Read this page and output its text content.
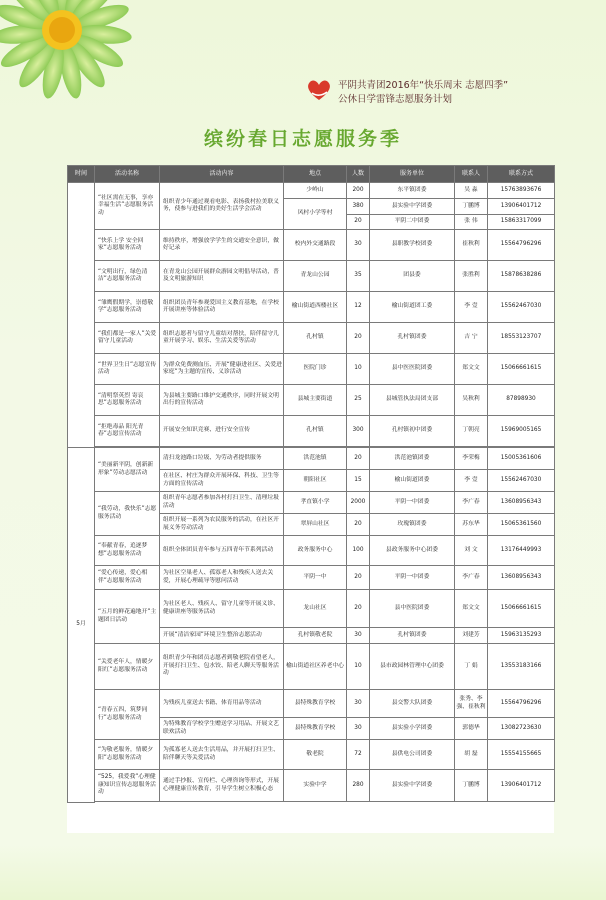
平阴共青团2016年“快乐周末 志愿四季”
公休日学雷锋志愿服务计划
缤纷春日志愿服务季
时间	活动名称	活动内容	地点	人数	服务单位	联系人	联系方式
	“社区需在无事，享亦幸福生活”志愿服务活动	组织青少年通过观看电影、表扬我村拉美联义务，使参与进我们的美好生活学会活动	少岭山	200	东平镇团委	吴 淼	15763893676
			风村小学等村	380	县实验中学团委	丁鹏博	13906401712
				20	平阴二中团委	张 伟	15863317099
	“快乐上学 安全回家”志愿服务活动	维持秩序，增强放学学生的交通安全意识，做好记录	校内外交通路段	30	县职教学校团委	崔秋利	15564796296
	“文明出行，绿色清洁”志愿服务活动	在青龙山公园开展群众游园文明倡导活动，普及文明旅游知识	青龙山公园	35	团县委	张胜利	15878638286
	“雏鹰假期学，崇德敬学”志愿服务活动	组织团员青年参观爱国主义教育基地，在学校开展讲座等体验活动	榆山街道西楼社区	12	榆山街道团工委	李 壹	15562467030
	“我们都是一家人”关爱留守儿童活动	组织志愿者与留守儿童结对帮扶，陪伴留守儿童开展学习、娱乐、生活关爱等活动	孔村镇	20	孔村镇团委	吉 宁	18553123707
	“世界卫生日”志愿宣传活动	为群众免费测血压、开展“健康进社区、关爱进家庭”为主题的宣传、义诊活动	医院门诊	10	县中医医院团委	郑文文	15066661615
	“清明祭英烈 寄哀思”志愿服务活动	为县城主要路口维护交通秩序，同时开展文明出行的宣传活动	县城主要街道	25	县城管执法局团支部	吴秋利	87898930
	“拒绝毒品 阳光青春”志愿宣传活动	开展安全知识竞赛、进行安全宣传	孔村镇	300	孔村镇初中团委	丁朝亮	15969005165

5月	“美丽新平阴，创新新形象”劳动志愿活动	清扫龙池路口垃圾、为劳动者提供服务	洪范池镇	20	洪范池镇团委	李荣梅	15005361606
		在社区、村庄为群众开展环保、科技、卫生等方面的宣传活动	朝阳社区	15	榆山街道团委	李 壹	15562467030
	“我劳动，我快乐”志愿服务活动	组织青年志愿者参加各村打扫卫生、清理垃圾活动	孝直镇小学	2000	平阴一中团委	李广春	13608956343
		组织开展一系列为农民服务的活动，在社区开展义务劳动活动	翠屏山社区	20	玫瑰镇团委	苏东华	15065361560
	“奉献青春，追逐梦想”志愿服务活动	组织全体团员青年参与五四青年节系列活动	政务服务中心	100	县政务服务中心团委	刘 文	13176449993
	“爱心传递，爱心相伴”志愿服务活动	为社区空巢老人、孤寡老人和残疾人送去关爱，开展心理疏导等慰问活动	平阴一中	20	平阴一中团委	李广春	13608956343
	“五月的鲜花遍地开”主题团日活动	为社区老人、残疾人、留守儿童等开展义诊、健康讲座等服务活动	龙山社区	20	县中医院团委	郑文文	15066661615
		开展“清洁家园”环境卫生整治志愿活动	孔村镇敬老院	30	孔村镇团委	刘建芳	15963135293
	“关爱老年人，情暖夕阳红”志愿服务活动	组织青少年和团员志愿者到敬老院看望老人，开展打扫卫生、包水饺、陪老人聊天等服务活动	榆山街道社区养老中心	10	县市政园林管理中心团委	丁 娟	13553183166
	“青春五四，筑梦同行”志愿服务活动	为残疾儿童送去书籍、体育用品等活动	县特殊教育学校	30	县交警大队团委	张秀、李强、崔秋利	15564796296
		为特殊教育学校学生赠送学习用品、开展文艺联欢活动	县特殊教育学校	30	县实验小学团委	郭德华	13082723630
	“为敬老服务，情暖夕阳”志愿服务活动	为孤寡老人送去生活用品，并开展打扫卫生、陪伴聊天等关爱活动	敬老院	72	县供电公司团委	胡 磊	15554155665
	“525，我爱我”心理健康知识宣传志愿服务活动	通过手抄报、宣传栏、心理咨询等形式，开展心理健康宣传教育，引导学生树立积极心态	实验中学	280	县实验中学团委	丁鹏博	13906401712
